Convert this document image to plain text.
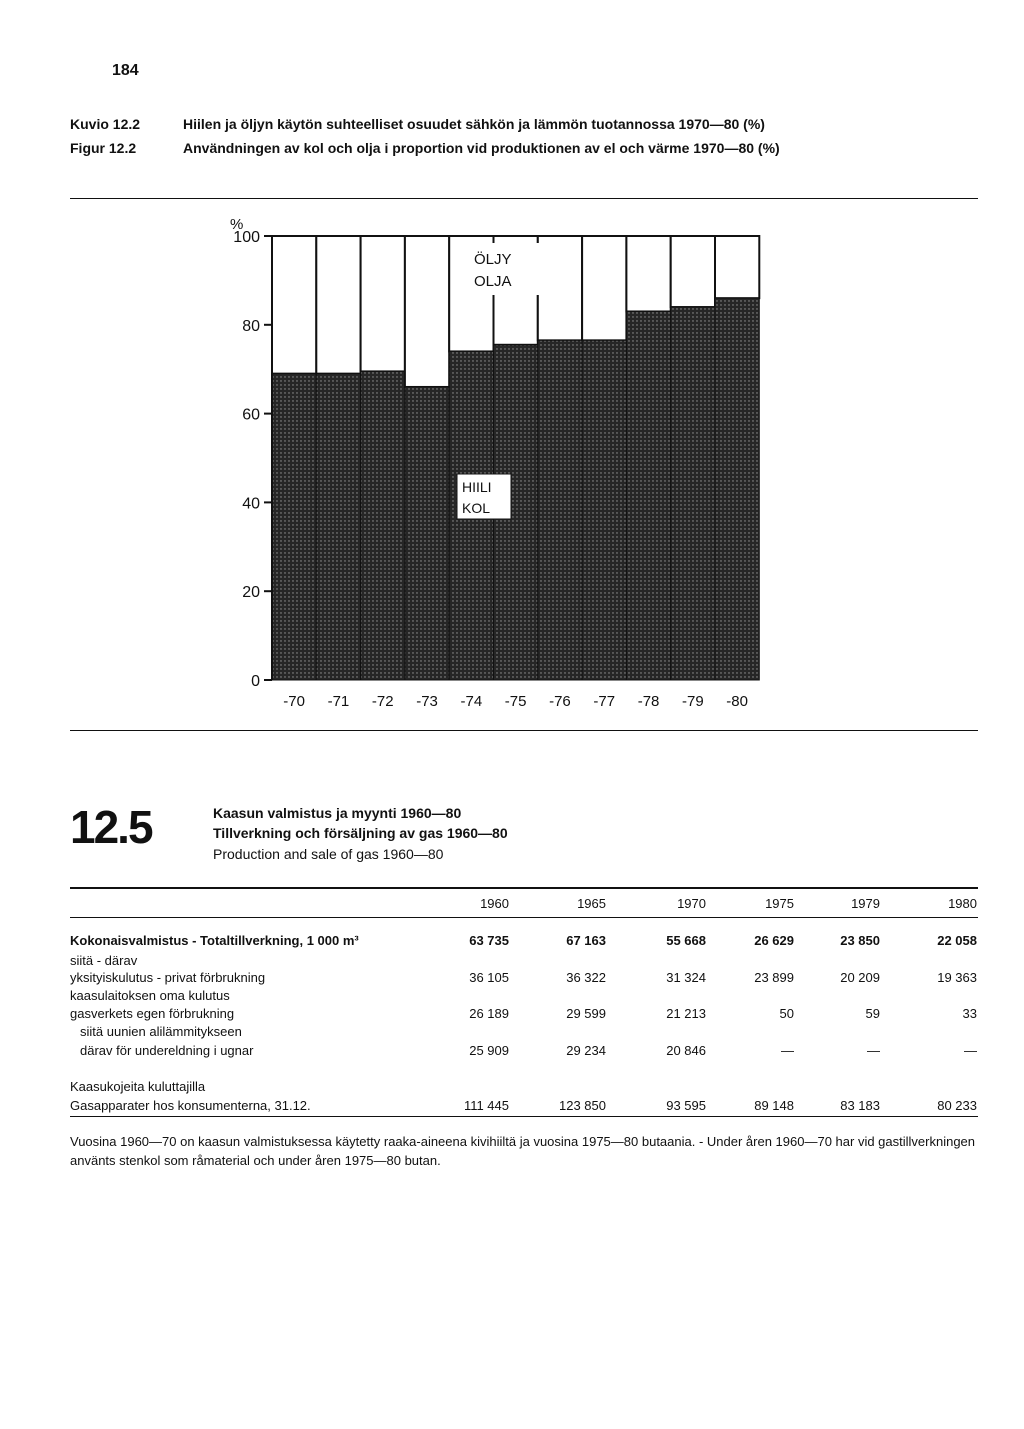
-70 -71 -72 -73 -74 -75 -76 -77 -78 -79 -80
0
20
40
60
80
100
%
ÖLJY
OLJA
HIILI
KOL
184
Kuvio 12.2	Hiilen ja öljyn käytön suhteelliset osuudet sähkön ja lämmön tuotannossa 1970—80 (%)
Figur 12.2	Användningen av kol och olja i proportion vid produktionen av el och värme 1970—80 (%)
12.5	Kaasun valmistus ja myynti 1960—80
Tillverkning och försäljning av gas 1960—80
Production and sale of gas 1960—80
1960	1965	1970	1975	1979	1980
Kokonaisvalmistus - Totaltillverkning, 1 000 m³	63 735	67 163	55 668	26 629	23 850	22 058
siitä - därav
yksityiskulutus - privat förbrukning	36 105	36 322	31 324	23 899	20 209	19 363
kaasulaitoksen oma kulutus
gasverkets egen förbrukning	26 189	29 599	21 213	50	59	33
siitä uunien alilämmitykseen
därav för undereldning i ugnar	25 909	29 234	20 846	—	—	—
Kaasukojeita kuluttajilla
Gasapparater hos konsumenterna, 31.12.	111 445	123 850	93 595	89 148	83 183	80 233
Vuosina 1960—70 on kaasun valmistuksessa käytetty raaka-aineena kivihiiltä ja vuosina 1975—80 butaania. - Under åren 1960—70 har vid gastillverkningen använts stenkol som råmaterial och under åren 1975—80 butan.
